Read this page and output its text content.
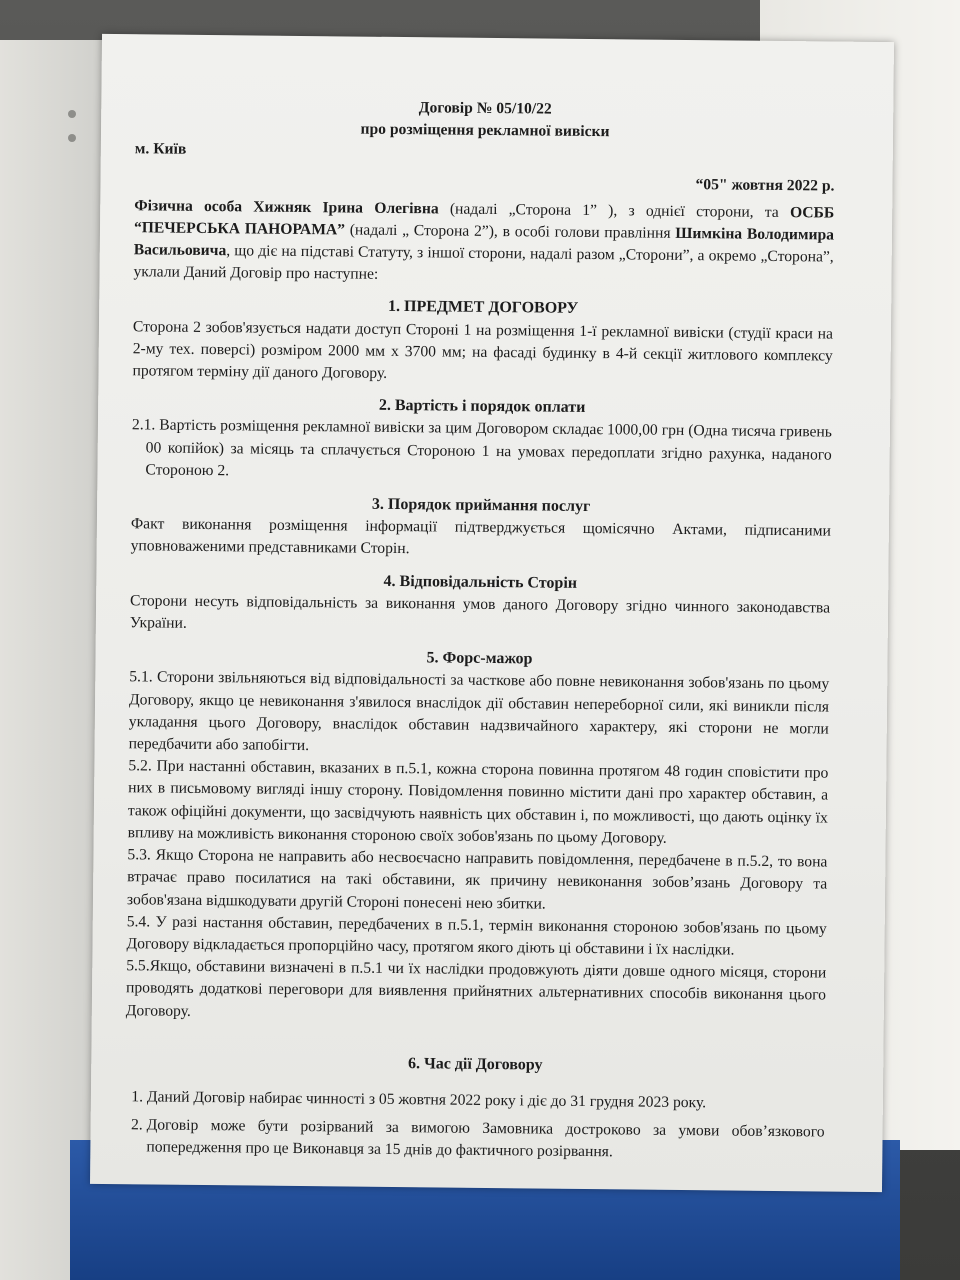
Договір № 05/10/22

про розміщення рекламної вивіски

м. Київ

“05" жовтня 2022 р.

Фізична особа Хижняк Ірина Олегівна (надалі „Сторона 1” ), з однієї сторони, та ОСББ “ПЕЧЕРСЬКА ПАНОРАМА” (надалі „ Сторона 2”), в особі голови правління Шимкіна Володимира Васильовича, що діє на підставі Статуту, з іншої сторони, надалі разом „Сторони”, а окремо „Сторона”, уклали Даний Договір про наступне:

1. ПРЕДМЕТ ДОГОВОРУ

Сторона 2 зобов'язується надати доступ Стороні 1 на розміщення 1-ї рекламної вивіски (студії краси на 2-му тех. поверсі) розміром 2000 мм х 3700 мм; на фасаді будинку в 4-й секції житлового комплексу протягом терміну дії даного Договору.

2. Вартість і порядок оплати

2.1. Вартість розміщення рекламної вивіски за цим Договором складає 1000,00 грн (Одна тисяча гривень 00 копійок) за місяць та сплачується Стороною 1 на умовах передоплати згідно рахунка, наданого Стороною 2.

3. Порядок приймання послуг

Факт виконання розміщення інформації підтверджується щомісячно Актами, підписаними уповноваженими представниками Сторін.

4. Відповідальність Сторін

Сторони несуть відповідальність за виконання умов даного Договору згідно чинного законодавства України.

5. Форс-мажор

5.1. Сторони звільняються від відповідальності за часткове або повне невиконання зобов'язань по цьому Договору, якщо це невиконання з'явилося внаслідок дії обставин непереборної сили, які виникли після укладання цього Договору, внаслідок обставин надзвичайного характеру, які сторони не могли передбачити або запобігти.

5.2. При настанні обставин, вказаних в п.5.1, кожна сторона повинна протягом 48 годин сповістити про них в письмовому вигляді іншу сторону. Повідомлення повинно містити дані про характер обставин, а також офіційні документи, що засвідчують наявність цих обставин і, по можливості, що дають оцінку їх впливу на можливість виконання стороною своїх зобов'язань по цьому Договору.

5.3. Якщо Сторона не направить або несвоєчасно направить повідомлення, передбачене в п.5.2, то вона втрачає право посилатися на такі обставини, як причину невиконання зобов’язань Договору та зобов'язана відшкодувати другій Стороні понесені нею збитки.

5.4. У разі настання обставин, передбачених в п.5.1, термін виконання стороною зобов'язань по цьому Договору відкладається пропорційно часу, протягом якого діють ці обставини і їх наслідки.

5.5.Якщо, обставини визначені в п.5.1 чи їх наслідки продовжують діяти довше одного місяця, сторони проводять додаткові переговори для виявлення прийнятних альтернативних способів виконання цього Договору.

6. Час дії Договору

1. Даний Договір набирає чинності з 05 жовтня 2022 року і діє до 31 грудня 2023 року.
2. Договір може бути розірваний за вимогою Замовника достроково за умови обов’язкового попередження про це Виконавця за 15 днів до фактичного розірвання.
